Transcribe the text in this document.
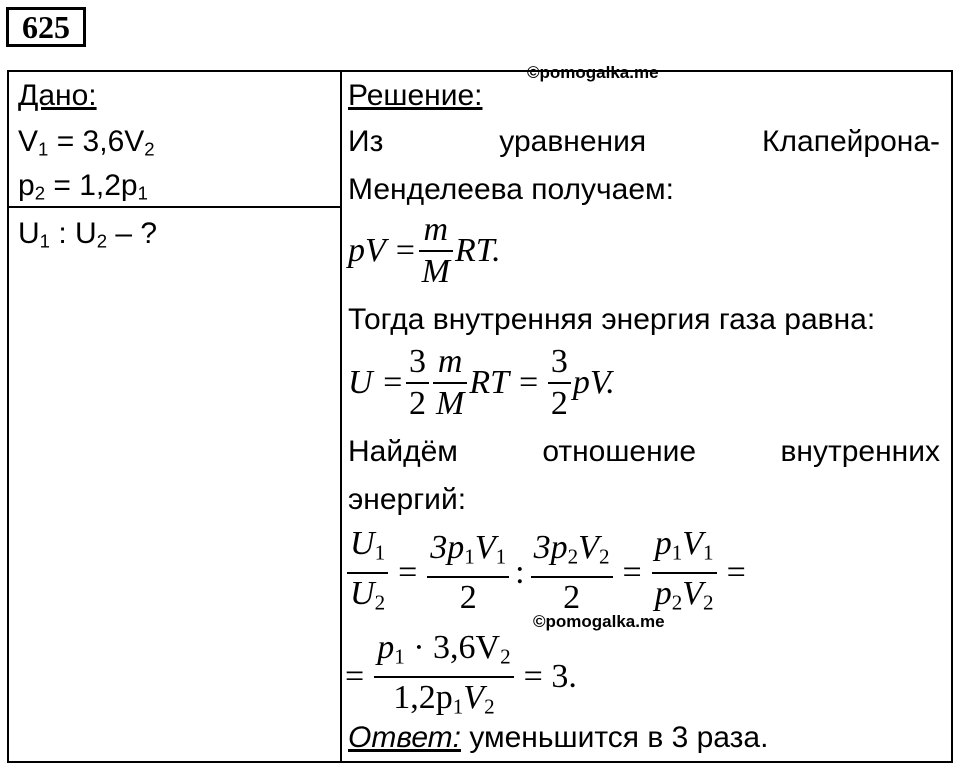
625
©pomogalka.me
©pomogalka.me
Дано:
$V_1 = 3,6V_2$
$p_2 = 1,2p_1$
$U_1$ : $U_2$ – ?
Решение:
Из	уравнения	Клапейрона-
Менделеева получаем:
pV = $\frac{m}{M}$ RT.
Тогда внутренняя энергия газа равна:
$U = \frac{3}{2} \frac{m}{M}$ RT = $\frac{3}{2}$ pV.
Найдём	отношение	внутренних
энергий:
$\frac{U_1}{U_2} = \frac{3p_1V_1}{2}$ : $\frac{3p_2V_2}{2} = \frac{p_1V_1}{p_2V_2}$ =
= $\frac{p_1 \cdot 3,6V_2}{1,2p_1V_2} = 3$.
Ответ: уменьшится в 3 раза.
